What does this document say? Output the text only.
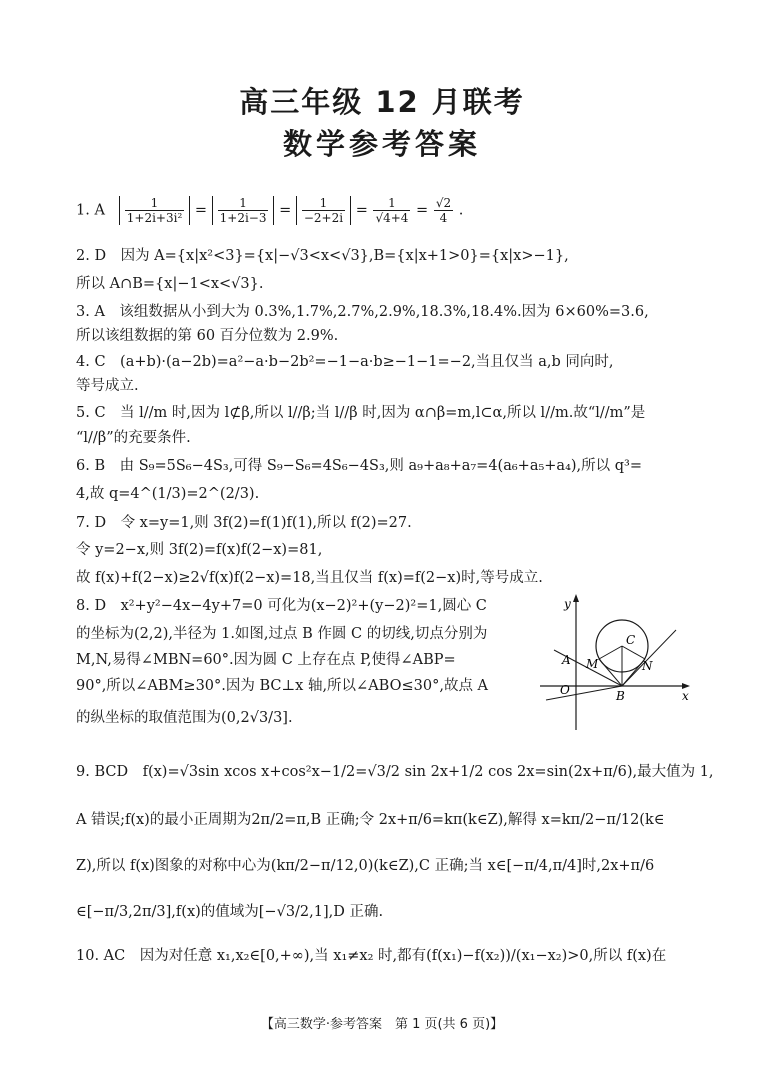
高三年级 12 月联考
数学参考答案
1. A $\frac{1}{\text{1+2i+3i²}} = \frac{1}{1+2i-3} = \frac{1}{-2+2i} = \frac{1}{√4+4} = \frac{√2}{4}$ .
2. D　因为 A={x|x²<3}={x|−√3<x<√3},B={x|x+1>0}={x|x>−1},
所以 A∩B={x|−1<x<√3}.
3. A　该组数据从小到大为 0.3%,1.7%,2.7%,2.9%,18.3%,18.4%.因为 6×60%=3.6,
所以该组数据的第 60 百分位数为 2.9%.
4. C　(a+b)·(a−2b)=a²−a·b−2b²=−1−a·b≥−1−1=−2,当且仅当 a,b 同向时,
等号成立.
5. C　当 l//m 时,因为 l⊄β,所以 l//β;当 l//β 时,因为 α∩β=m,l⊂α,所以 l//m.故“l//m”是
“l//β”的充要条件.
6. B　由 S₉=5S₆−4S₃,可得 S₉−S₆=4S₆−4S₃,则 a₉+a₈+a₇=4(a₆+a₅+a₄),所以 q³=
4,故 q=4^(1/3)=2^(2/3).
7. D　令 x=y=1,则 3f(2)=f(1)f(1),所以 f(2)=27.
令 y=2−x,则 3f(2)=f(x)f(2−x)=81,
故 f(x)+f(2−x)≥2√f(x)f(2−x)=18,当且仅当 f(x)=f(2−x)时,等号成立.
8. D　x²+y²−4x−4y+7=0 可化为(x−2)²+(y−2)²=1,圆心 C
的坐标为(2,2),半径为 1.如图,过点 B 作圆 C 的切线,切点分别为
M,N,易得∠MBN=60°.因为圆 C 上存在点 P,使得∠ABP=
90°,所以∠ABM≥30°.因为 BC⊥x 轴,所以∠ABO≤30°,故点 A
的纵坐标的取值范围为(0,2√3/3].
y
x
O
C
A M	N
B
9. BCD　f(x)=√3sin xcos x+cos²x−1/2=√3/2 sin 2x+1/2 cos 2x=sin(2x+π/6),最大值为 1,
A 错误;f(x)的最小正周期为2π/2=π,B 正确;令 2x+π/6=kπ(k∈Z),解得 x=kπ/2−π/12(k∈
Z),所以 f(x)图象的对称中心为(kπ/2−π/12,0)(k∈Z),C 正确;当 x∈[−π/4,π/4]时,2x+π/6
∈[−π/3,2π/3],f(x)的值域为[−√3/2,1],D 正确.
10. AC　因为对任意 x₁,x₂∈[0,+∞),当 x₁≠x₂ 时,都有(f(x₁)−f(x₂))/(x₁−x₂)>0,所以 f(x)在
【高三数学·参考答案　第 1 页(共 6 页)】
